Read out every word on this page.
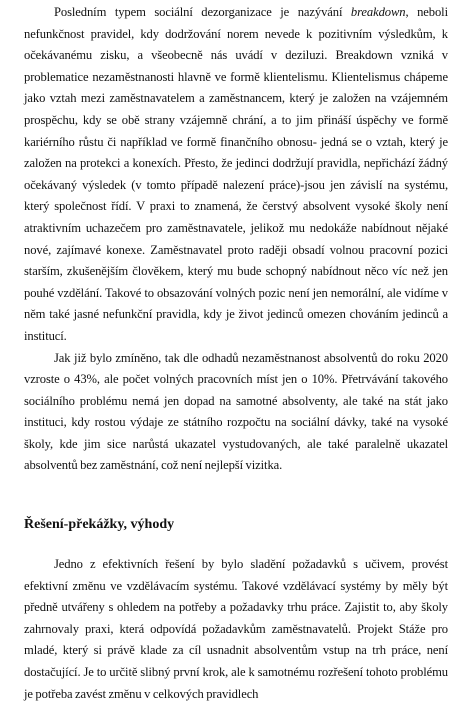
Posledním typem sociální dezorganizace je nazývání breakdown, neboli nefunkčnost pravidel, kdy dodržování norem nevede k pozitivním výsledkům, k očekávanému zisku, a všeobecně nás uvádí v deziluzi. Breakdown vzniká v problematice nezaměstnanosti hlavně ve formě klientelismu. Klientelismus chápeme jako vztah mezi zaměstnavatelem a zaměstnancem, který je založen na vzájemném prospěchu, kdy se obě strany vzájemně chrání, a to jim přináší úspěchy ve formě kariérního růstu či například ve formě finančního obnosu- jedná se o vztah, který je založen na protekci a konexích. Přesto, že jedinci dodržují pravidla, nepřichází žádný očekávaný výsledek (v tomto případě nalezení práce)-jsou jen závislí na systému, který společnost řídí. V praxi to znamená, že čerstvý absolvent vysoké školy není atraktivním uchazečem pro zaměstnavatele, jelikož mu nedokáže nabídnout nějaké nové, zajímavé konexe. Zaměstnavatel proto raději obsadí volnou pracovní pozici starším, zkušenějším člověkem, který mu bude schopný nabídnout něco víc než jen pouhé vzdělání. Takové to obsazování volných pozic není jen nemorální, ale vidíme v něm také jasné nefunkční pravidla, kdy je život jedinců omezen chováním jedinců a institucí.

Jak již bylo zmíněno, tak dle odhadů nezaměstnanost absolventů do roku 2020 vzroste o 43%, ale počet volných pracovních míst jen o 10%. Přetrvávání takového sociálního problému nemá jen dopad na samotné absolventy, ale také na stát jako instituci, kdy rostou výdaje ze státního rozpočtu na sociální dávky, také na vysoké školy, kde jim sice narůstá ukazatel vystudovaných, ale také paralelně ukazatel absolventů bez zaměstnání, což není nejlepší vizitka.

Řešení-překážky, výhody

Jedno z efektivních řešení by bylo sladění požadavků s učivem, provést efektivní změnu ve vzdělávacím systému. Takové vzdělávací systémy by měly být předně utvářeny s ohledem na potřeby a požadavky trhu práce. Zajistit to, aby školy zahrnovaly praxi, která odpovídá požadavkům zaměstnavatelů. Projekt Stáže pro mladé, který si právě klade za cíl usnadnit absolventům vstup na trh práce, není dostačující. Je to určitě slibný první krok, ale k samotnému rozřešení tohoto problému je potřeba zavést změnu v celkových pravidlech
